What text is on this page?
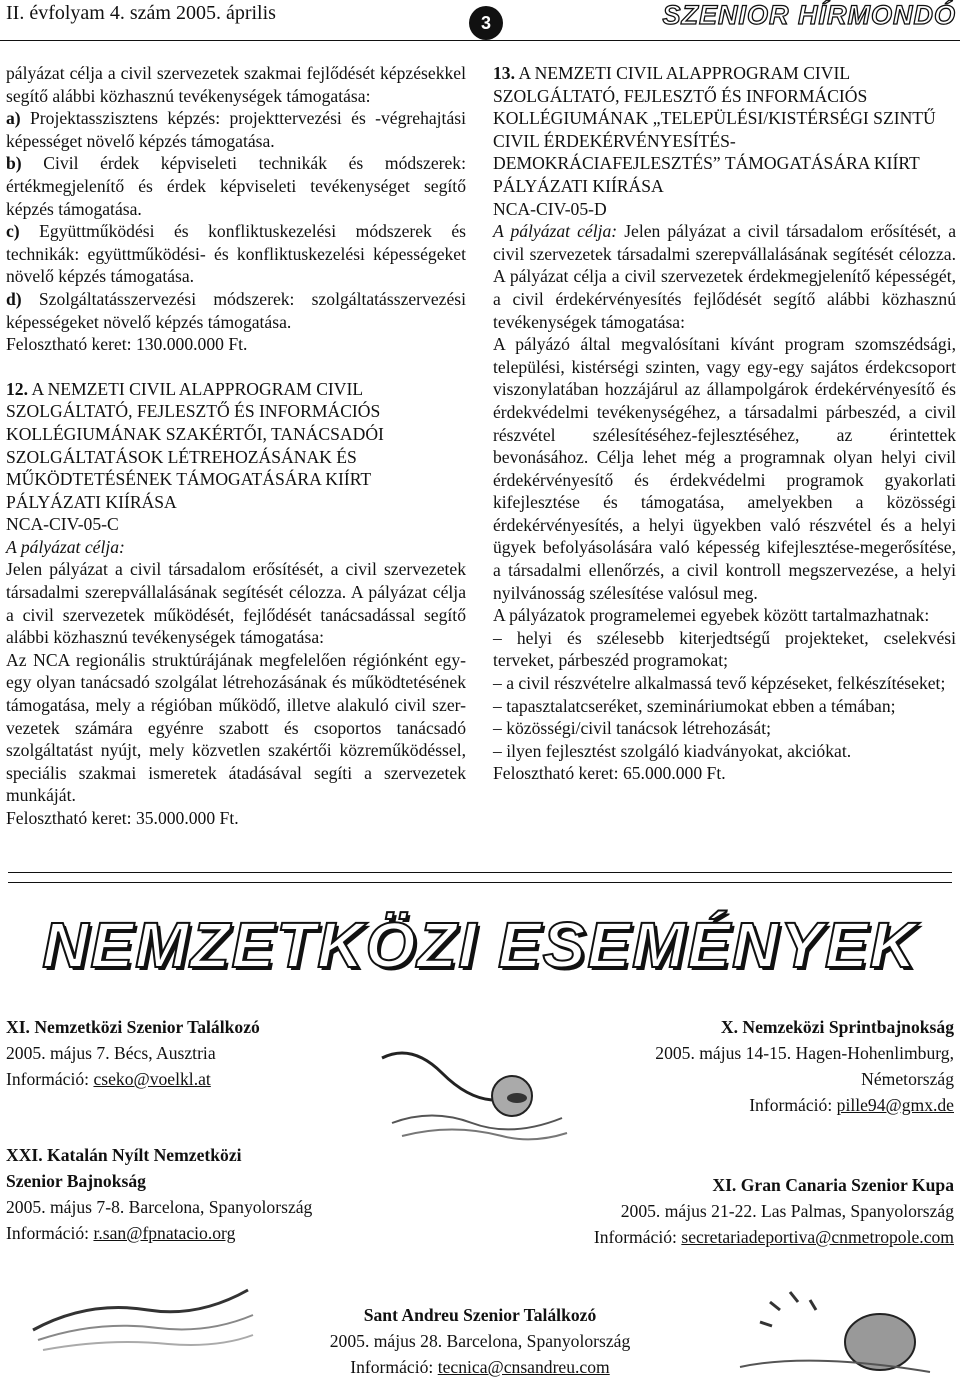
II. évfolyam 4. szám 2005. április	3	SZENIOR HÍRMONDÓ

pályázat célja a civil szervezetek szakmai fejlődését képzésekkel segítő alábbi közhasznú tevékenységek támogatása:

a) Projektasszisztens képzés: projekttervezési és -végrehajtási képességet növelő képzés támogatása.

b) Civil érdek képviseleti technikák és módszerek: értékmegjelenítő és érdek képviseleti tevékenységet segítő képzés támogatása.

c) Együttműködési és konfliktuskezelési módszerek és technikák: együttműködési- és konfliktuskezelési képességeket növelő képzés támogatása.

d) Szolgáltatásszervezési módszerek: szolgáltatásszervezési képességeket növelő képzés támogatása.

Felosztható keret: 130.000.000 Ft.

12. A NEMZETI CIVIL ALAPPROGRAM CIVIL SZOLGÁLTATÓ, FEJLESZTŐ ÉS INFORMÁCIÓS KOLLÉGIUMÁNAK SZAKÉRTŐI, TANÁCSADÓI SZOLGÁLTATÁSOK LÉTREHOZÁSÁNAK ÉS MŰKÖDTETÉSÉNEK TÁMOGATÁSÁRA KIÍRT PÁLYÁZATI KIÍRÁSA

NCA-CIV-05-C

A pályázat célja:

Jelen pályázat a civil társadalom erősítését, a civil szervezetek társadalmi szerepvállalásának segítését célozza. A pályázat célja a civil szervezetek működését, fejlődését tanácsadással segítő alábbi közhasznú tevékenységek támogatása:

Az NCA regionális struktúrájának megfelelően régiónként egy-egy olyan tanácsadó szolgálat létrehozásának és működtetésének támogatása, mely a régióban működő, illetve alakuló civil szer-vezetek számára egyénre szabott és csoportos tanácsadó szolgáltatást nyújt, mely közvetlen szakértői közreműködéssel, speciális szakmai ismeretek átadásával segíti a szervezetek munkáját.

Felosztható keret: 35.000.000 Ft.

13. A NEMZETI CIVIL ALAPPROGRAM CIVIL SZOLGÁLTATÓ, FEJLESZTŐ ÉS INFORMÁCIÓS KOLLÉGIUMÁNAK „TELEPÜLÉSI/KISTÉRSÉGI SZINTŰ CIVIL ÉRDEKÉRVÉNYESÍTÉS-DEMOKRÁCIAFEJLESZTÉS” TÁMOGATÁSÁRA KIÍRT PÁLYÁZATI KIÍRÁSA

NCA-CIV-05-D

A pályázat célja: Jelen pályázat a civil társadalom erősítését, a civil szervezetek társadalmi szerepvállalásának segítését célozza. A pályázat célja a civil szervezetek érdekmegjelenítő képességét, a civil érdekérvényesítés fejlődését segítő alábbi közhasznú tevékenységek támogatása:

A pályázó által megvalósítani kívánt program szomszédsági, települési, kistérségi szinten, vagy egy-egy sajátos érdekcsoport viszonylatában hozzájárul az állampolgárok érdekérvényesítő és érdekvédelmi tevékenységéhez, a társadalmi párbeszéd, a civil részvétel szélesítéséhez-fejlesztéséhez, az érintettek bevonásához. Célja lehet még a programnak olyan helyi civil érdekérvényesítő és érdekvédelmi programok gyakorlati kifejlesztése és támogatása, amelyekben a közösségi érdekérvényesítés, a helyi ügyekben való részvétel és a helyi ügyek befolyásolására való képesség kifejlesztése-megerősítése, a társadalmi ellenőrzés, a civil kontroll megszervezése, a helyi nyilvánosság szélesítése valósul meg.

A pályázatok programelemei egyebek között tartalmazhatnak:

– helyi és szélesebb kiterjedtségű projekteket, cselekvési terveket, párbeszéd programokat;

– a civil részvételre alkalmassá tevő képzéseket, felkészítéseket;

– tapasztalatcseréket, szemináriumokat ebben a témában;

– közösségi/civil tanácsok létrehozását;

– ilyen fejlesztést szolgáló kiadványokat, akciókat.

Felosztható keret: 65.000.000 Ft.

NEMZETKÖZI ESEMÉNYEK
XI. Nemzetközi Szenior Találkozó
2005. május 7. Bécs, Ausztria
Információ: cseko@voelkl.at
X. Nemzeközi Sprintbajnokság
2005. május 14-15. Hagen-Hohenlimburg,
Németország
Információ: pille94@gmx.de
XXI. Katalán Nyílt Nemzetközi
Szenior Bajnokság
2005. május 7-8. Barcelona, Spanyolország
Információ: r.san@fpnatacio.org
XI. Gran Canaria Szenior Kupa
2005. május 21-22. Las Palmas, Spanyolország
Információ: secretariadeportiva@cnmetropole.com
Sant Andreu Szenior Találkozó
2005. május 28. Barcelona, Spanyolország
Információ: tecnica@cnsandreu.com
